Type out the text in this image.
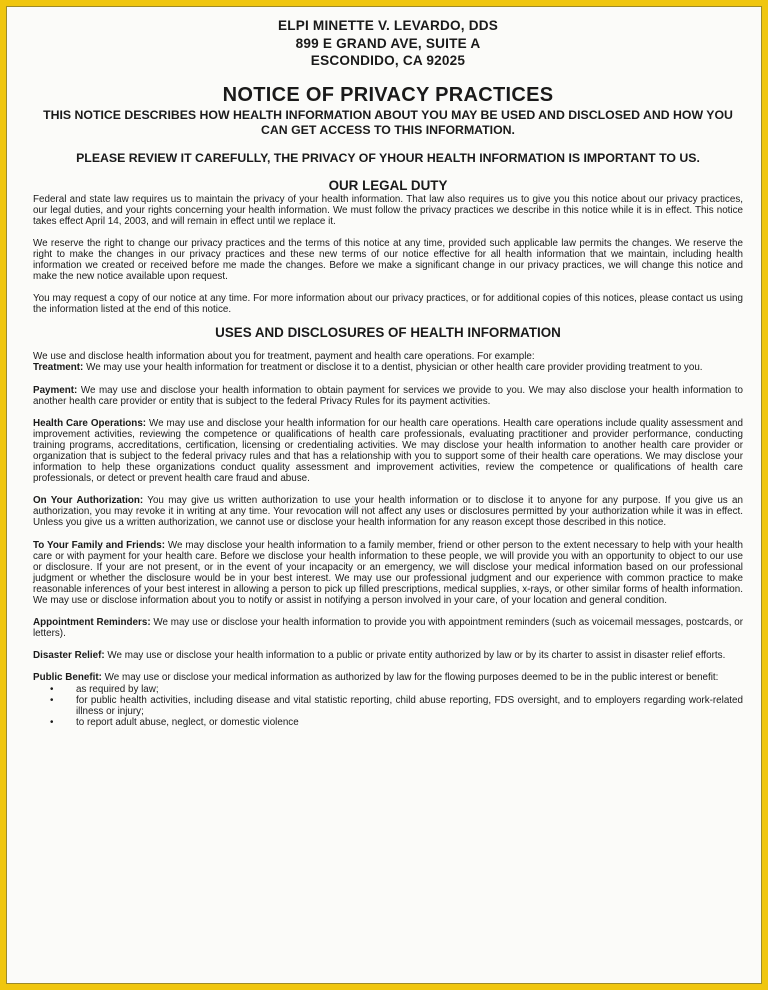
ELPI MINETTE V. LEVARDO, DDS
899 E GRAND AVE, SUITE A
ESCONDIDO, CA 92025
NOTICE OF PRIVACY PRACTICES
THIS NOTICE DESCRIBES HOW HEALTH INFORMATION ABOUT YOU MAY BE USED AND DISCLOSED AND HOW YOU CAN GET ACCESS TO THIS INFORMATION.
PLEASE REVIEW IT CAREFULLY, THE PRIVACY OF YHOUR HEALTH INFORMATION IS IMPORTANT TO US.
OUR LEGAL DUTY

Federal and state law requires us to maintain the privacy of your health information. That law also requires us to give you this notice about our privacy practices, our legal duties, and your rights concerning your health information. We must follow the privacy practices we describe in this notice while it is in effect. This notice takes effect April 14, 2003, and will remain in effect until we replace it.

We reserve the right to change our privacy practices and the terms of this notice at any time, provided such applicable law permits the changes. We reserve the right to make the changes in our privacy practices and these new terms of our notice effective for all health information that we maintain, including health information we created or received before me made the changes. Before we make a significant change in our privacy practices, we will change this notice and make the new notice available upon request.

You may request a copy of our notice at any time. For more information about our privacy practices, or for additional copies of this notices, please contact us using the information listed at the end of this notice.

USES AND DISCLOSURES OF HEALTH INFORMATION

We use and disclose health information about you for treatment, payment and health care operations. For example:

Treatment: We may use your health information for treatment or disclose it to a dentist, physician or other health care provider providing treatment to you.

Payment: We may use and disclose your health information to obtain payment for services we provide to you. We may also disclose your health information to another health care provider or entity that is subject to the federal Privacy Rules for its payment activities.

Health Care Operations: We may use and disclose your health information for our health care operations. Health care operations include quality assessment and improvement activities, reviewing the competence or qualifications of health care professionals, evaluating practitioner and provider performance, conducting training programs, accreditations, certification, licensing or credentialing activities. We may disclose your health information to another health care provider or organization that is subject to the federal privacy rules and that has a relationship with you to support some of their health care operations. We may disclose your information to help these organizations conduct quality assessment and improvement activities, review the competence or qualifications of health care professionals, or detect or prevent health care fraud and abuse.

On Your Authorization: You may give us written authorization to use your health information or to disclose it to anyone for any purpose. If you give us an authorization, you may revoke it in writing at any time. Your revocation will not affect any uses or disclosures permitted by your authorization while it was in effect. Unless you give us a written authorization, we cannot use or disclose your health information for any reason except those described in this notice.

To Your Family and Friends: We may disclose your health information to a family member, friend or other person to the extent necessary to help with your health care or with payment for your health care. Before we disclose your health information to these people, we will provide you with an opportunity to object to our use or disclosure. If your are not present, or in the event of your incapacity or an emergency, we will disclose your medical information based on our professional judgment or whether the disclosure would be in your best interest. We may use our professional judgment and our experience with common practice to make reasonable inferences of your best interest in allowing a person to pick up filled prescriptions, medical supplies, x-rays, or other similar forms of health information. We may use or disclose information about you to notify or assist in notifying a person involved in your care, of your location and general condition.

Appointment Reminders: We may use or disclose your health information to provide you with appointment reminders (such as voicemail messages, postcards, or letters).

Disaster Relief: We may use or disclose your health information to a public or private entity authorized by law or by its charter to assist in disaster relief efforts.

Public Benefit: We may use or disclose your medical information as authorized by law for the flowing purposes deemed to be in the public interest or benefit:

• as required by law;
• for public health activities, including disease and vital statistic reporting, child abuse reporting, FDS oversight, and to employers regarding work-related illness or injury;
• to report adult abuse, neglect, or domestic violence
